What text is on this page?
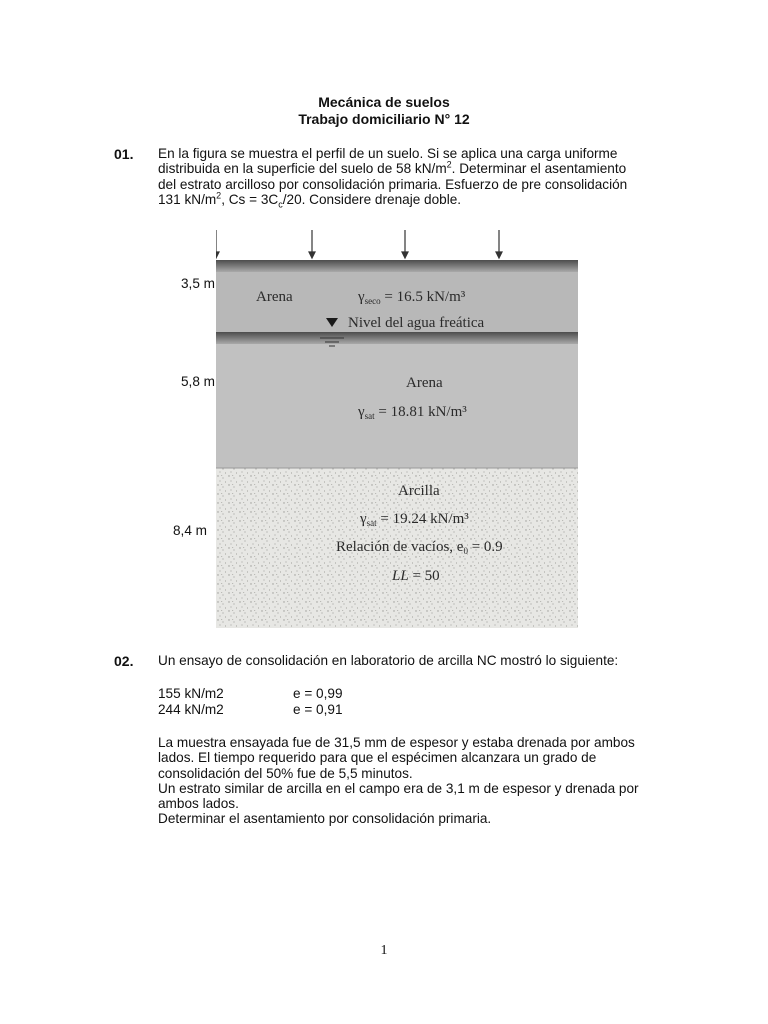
Mecánica de suelos
Trabajo domiciliario N° 12
01. En la figura se muestra el perfil de un suelo. Si se aplica una carga uniforme

distribuida en la superficie del suelo de 58 $kN/m^2$. Determinar el asentamiento

del estrato arcilloso por consolidación primaria. Esfuerzo de pre consolidación

131 $kN/m^2$, $Cs = 3C_c/20$. Considere drenaje doble.

3,5 m
5,8 m
8,4 m
Arena	$\gamma_{seco} = 16.5$ kN/m³
Nivel del agua freática
Arena
$\gamma_{sat} = 18.81$ kN/m³
Arcilla
$\gamma_{sat} = 19.24$ kN/m³
Relación de vacíos, $e_0 = 0.9$
LL = 50
02. Un ensayo de consolidación en laboratorio de arcilla NC mostró lo siguiente:
155 kN/m2	e = 0,99
244 kN/m2	e = 0,91

La muestra ensayada fue de 31,5 mm de espesor y estaba drenada por ambos

lados. El tiempo requerido para que el espécimen alcanzara un grado de

consolidación del 50% fue de 5,5 minutos.

Un estrato similar de arcilla en el campo era de 3,1 m de espesor y drenada por

ambos lados.

Determinar el asentamiento por consolidación primaria.

1
